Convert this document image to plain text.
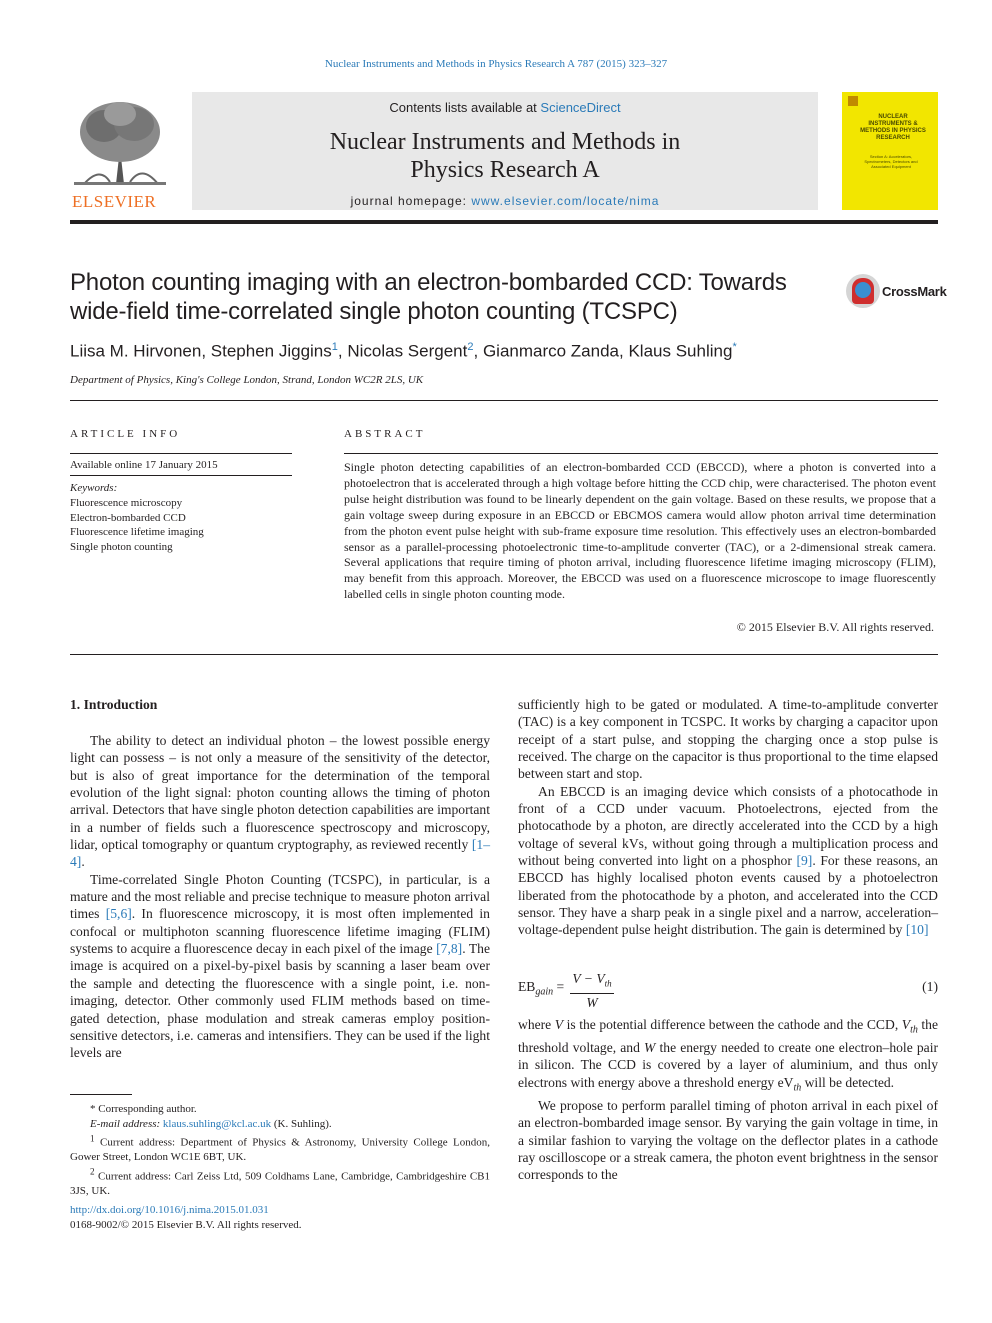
Nuclear Instruments and Methods in Physics Research A 787 (2015) 323–327
ELSEVIER
Contents lists available at ScienceDirect
Nuclear Instruments and Methods in
Physics Research A
journal homepage: www.elsevier.com/locate/nima
NUCLEAR INSTRUMENTS & METHODS IN PHYSICS RESEARCH
Section A: Accelerators, Spectrometers, Detectors and Associated Equipment
Photon counting imaging with an electron-bombarded CCD: Towards
wide-field time-correlated single photon counting (TCSPC)
CrossMark
Liisa M. Hirvonen, Stephen Jiggins$^1$, Nicolas Sergent$^2$, Gianmarco Zanda, Klaus Suhling*
Department of Physics, King's College London, Strand, London WC2R 2LS, UK
ARTICLE INFO
Available online 17 January 2015
Keywords:
Fluorescence microscopy
Electron-bombarded CCD
Fluorescence lifetime imaging
Single photon counting
ABSTRACT
Single photon detecting capabilities of an electron-bombarded CCD (EBCCD), where a photon is converted into a photoelectron that is accelerated through a high voltage before hitting the CCD chip, were characterised. The photon event pulse height distribution was found to be linearly dependent on the gain voltage. Based on these results, we propose that a gain voltage sweep during exposure in an EBCCD or EBCMOS camera would allow photon arrival time determination from the photon event pulse height with sub-frame exposure time resolution. This effectively uses an electron-bombarded sensor as a parallel-processing photoelectronic time-to-amplitude converter (TAC), or a 2-dimensional streak camera. Several applications that require timing of photon arrival, including fluorescence lifetime imaging microscopy (FLIM), may benefit from this approach. Moreover, the EBCCD was used on a fluorescence microscope to image fluorescently labelled cells in single photon counting mode.
© 2015 Elsevier B.V. All rights reserved.
1. Introduction

The ability to detect an individual photon – the lowest possible energy light can possess – is not only a measure of the sensitivity of the detector, but is also of great importance for the determination of the temporal evolution of the light signal: photon counting allows the timing of photon arrival. Detectors that have single photon detection capabilities are important in a number of fields such a fluorescence spectroscopy and microscopy, lidar, optical tomography or quantum cryptography, as reviewed recently [1–4].

Time-correlated Single Photon Counting (TCSPC), in particular, is a mature and the most reliable and precise technique to measure photon arrival times [5,6]. In fluorescence microscopy, it is most often implemented in confocal or multiphoton scanning fluorescence lifetime imaging (FLIM) systems to acquire a fluorescence decay in each pixel of the image [7,8]. The image is acquired on a pixel-by-pixel basis by scanning a laser beam over the sample and detecting the fluorescence with a single point, i.e. non-imaging, detector. Other commonly used FLIM methods based on time-gated detection, phase modulation and streak cameras employ position-sensitive detectors, i.e. cameras and intensifiers. They can be used if the light levels are

sufficiently high to be gated or modulated. A time-to-amplitude converter (TAC) is a key component in TCSPC. It works by charging a capacitor upon receipt of a start pulse, and stopping the charging once a stop pulse is received. The charge on the capacitor is thus proportional to the time elapsed between start and stop.

An EBCCD is an imaging device which consists of a photocathode in front of a CCD under vacuum. Photoelectrons, ejected from the photocathode by a photon, are directly accelerated into the CCD by a high voltage of several kVs, without going through a multiplication process and without being converted into light on a phosphor [9]. For these reasons, an EBCCD has highly localised photon events caused by a photoelectron liberated from the photocathode by a photon, and accelerated into the CCD sensor. They have a sharp peak in a single pixel and a narrow, acceleration–voltage-dependent pulse height distribution. The gain is determined by [10]

$EB_{gain}$ =
$V - V_{th}$
W
(1)

where V is the potential difference between the cathode and the CCD, $V_{th}$ the threshold voltage, and W the energy needed to create one electron–hole pair in silicon. The CCD is covered by a layer of aluminium, and thus only electrons with energy above a threshold energy $eV_{th}$ will be detected.

We propose to perform parallel timing of photon arrival in each pixel of an electron-bombarded image sensor. By varying the gain voltage in time, in a similar fashion to varying the voltage on the deflector plates in a cathode ray oscilloscope or a streak camera, the photon event brightness in the sensor corresponds to the

* Corresponding author.
E-mail address: klaus.suhling@kcl.ac.uk (K. Suhling).
$^1$ Current address: Department of Physics & Astronomy, University College London, Gower Street, London WC1E 6BT, UK.
$^2$ Current address: Carl Zeiss Ltd, 509 Coldhams Lane, Cambridge, Cambridgeshire CB1 3JS, UK.
http://dx.doi.org/10.1016/j.nima.2015.01.031
0168-9002/© 2015 Elsevier B.V. All rights reserved.
